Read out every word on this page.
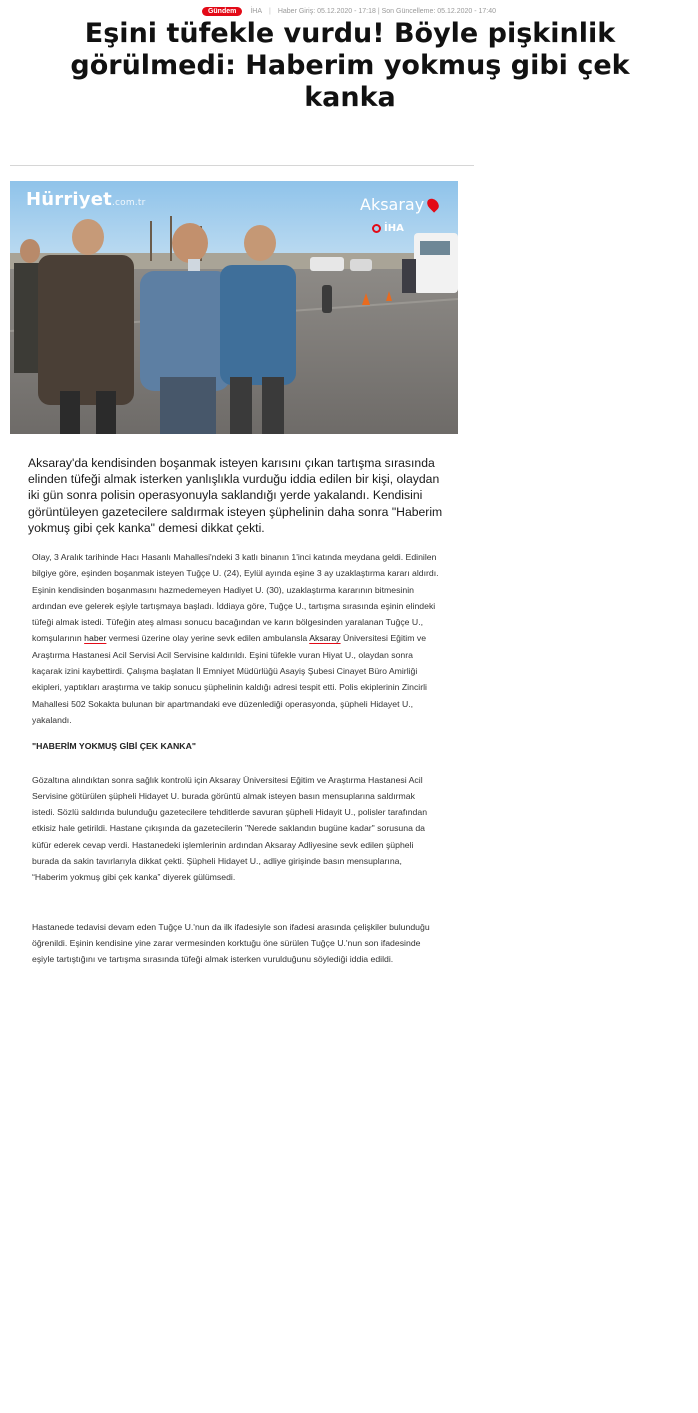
Gündem	İHA | Haber Giriş: 05.12.2020 - 17:18 | Son Güncelleme: 05.12.2020 - 17:40
Eşini tüfekle vurdu! Böyle pişkinlik görülmedi: Haberim yokmuş gibi çek kanka
Hürriyet.com.tr	Aksaray
İHA

Aksaray'da kendisinden boşanmak isteyen karısını çıkan tartışma sırasında elinden tüfeği almak isterken yanlışlıkla vurduğu iddia edilen bir kişi, olaydan iki gün sonra polisin operasyonuyla saklandığı yerde yakalandı. Kendisini görüntüleyen gazetecilere saldırmak isteyen şüphelinin daha sonra "Haberim yokmuş gibi çek kanka" demesi dikkat çekti.

Olay, 3 Aralık tarihinde Hacı Hasanlı Mahallesi'ndeki 3 katlı binanın 1'inci katında meydana geldi. Edinilen bilgiye göre, eşinden boşanmak isteyen Tuğçe U. (24), Eylül ayında eşine 3 ay uzaklaştırma kararı aldırdı. Eşinin kendisinden boşanmasını hazmedemeyen Hadiyet U. (30), uzaklaştırma kararının bitmesinin ardından eve gelerek eşiyle tartışmaya başladı. İddiaya göre, Tuğçe U., tartışma sırasında eşinin elindeki tüfeği almak istedi. Tüfeğin ateş alması sonucu bacağından ve karın bölgesinden yaralanan Tuğçe U., komşularının haber vermesi üzerine olay yerine sevk edilen ambulansla Aksaray Üniversitesi Eğitim ve Araştırma Hastanesi Acil Servisi Acil Servisine kaldırıldı. Eşini tüfekle vuran Hiyat U., olaydan sonra kaçarak izini kaybettirdi. Çalışma başlatan İl Emniyet Müdürlüğü Asayiş Şubesi Cinayet Büro Amirliği ekipleri, yaptıkları araştırma ve takip sonucu şüphelinin kaldığı adresi tespit etti. Polis ekiplerinin Zincirli Mahallesi 502 Sokakta bulunan bir apartmandaki eve düzenlediği operasyonda, şüpheli Hidayet U., yakalandı.

"HABERİM YOKMUŞ GİBİ ÇEK KANKA"

Gözaltına alındıktan sonra sağlık kontrolü için Aksaray Üniversitesi Eğitim ve Araştırma Hastanesi Acil Servisine götürülen şüpheli Hidayet U. burada görüntü almak isteyen basın mensuplarına saldırmak istedi. Sözlü saldırıda bulunduğu gazetecilere tehditlerde savuran şüpheli Hidayit U., polisler tarafından etkisiz hale getirildi. Hastane çıkışında da gazetecilerin "Nerede saklandın bugüne kadar" sorusuna da küfür ederek cevap verdi. Hastanedeki işlemlerinin ardından Aksaray Adliyesine sevk edilen şüpheli burada da sakin tavırlarıyla dikkat çekti. Şüpheli Hidayet U., adliye girişinde basın mensuplarına, “Haberim yokmuş gibi çek kanka” diyerek gülümsedi.

Hastanede tedavisi devam eden Tuğçe U.'nun da ilk ifadesiyle son ifadesi arasında çelişkiler bulunduğu öğrenildi. Eşinin kendisine yine zarar vermesinden korktuğu öne sürülen Tuğçe U.'nun son ifadesinde eşiyle tartıştığını ve tartışma sırasında tüfeği almak isterken vurulduğunu söylediği iddia edildi.
